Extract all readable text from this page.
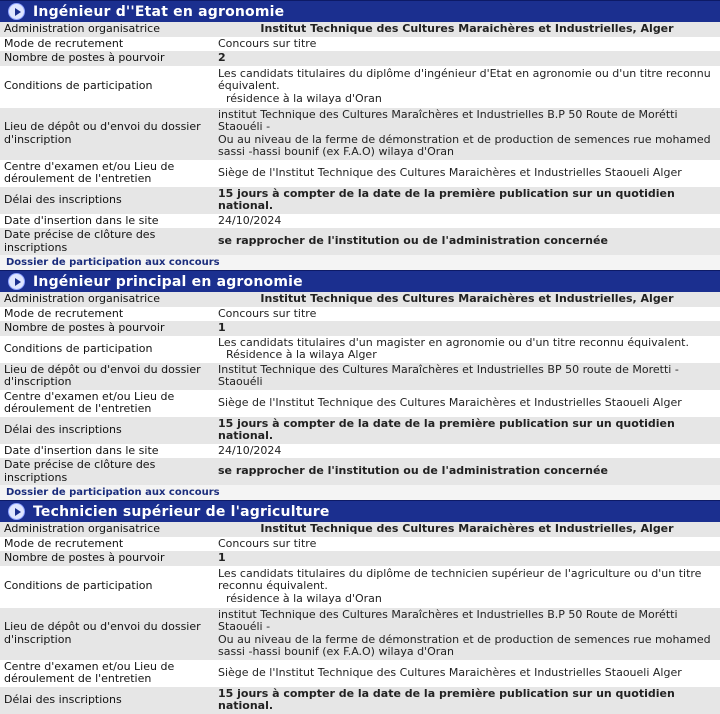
Ingénieur d''Etat en agronomie
Administration organisatrice	Institut Technique des Cultures Maraichères et Industrielles, Alger
Mode de recrutement	Concours sur titre
Nombre de postes à pourvoir	2
Conditions de participation	Les candidats titulaires du diplôme d'ingénieur d'Etat en agronomie ou d'un titre reconnu
équivalent.
résidence à la wilaya d'Oran

Lieu de dépôt ou d'envoi du dossier d'inscription	institut Technique des Cultures Maraîchères et Industrielles B.P 50 Route de Morétti Staouéli -
Ou au niveau de la ferme de démonstration et de production de semences rue mohamed
sassi -hassi bounif (ex F.A.O) wilaya d'Oran

Centre d'examen et/ou Lieu de déroulement de l'entretien	Siège de l'Institut Technique des Cultures Maraichères et Industrielles Staoueli Alger
Délai des inscriptions	15 jours à compter de la date de la première publication sur un quotidien national.
Date d'insertion dans le site	24/10/2024
Date précise de clôture des inscriptions	se rapprocher de l'institution ou de l'administration concernée
Dossier de participation aux concours
Ingénieur principal en agronomie
Administration organisatrice	Institut Technique des Cultures Maraichères et Industrielles, Alger
Mode de recrutement	Concours sur titre
Nombre de postes à pourvoir	1
Conditions de participation	Les candidats titulaires d'un magister en agronomie ou d'un titre reconnu équivalent.
Résidence à la wilaya Alger

Lieu de dépôt ou d'envoi du dossier d'inscription	Institut Technique des Cultures Maraîchères et Industrielles BP 50 route de Moretti - Staouéli
Centre d'examen et/ou Lieu de déroulement de l'entretien	Siège de l'Institut Technique des Cultures Maraichères et Industrielles Staoueli Alger
Délai des inscriptions	15 jours à compter de la date de la première publication sur un quotidien national.
Date d'insertion dans le site	24/10/2024
Date précise de clôture des inscriptions	se rapprocher de l'institution ou de l'administration concernée
Dossier de participation aux concours
Technicien supérieur de l'agriculture
Administration organisatrice	Institut Technique des Cultures Maraichères et Industrielles, Alger
Mode de recrutement	Concours sur titre
Nombre de postes à pourvoir	1
Conditions de participation	Les candidats titulaires du diplôme de technicien supérieur de l'agriculture ou d'un titre
reconnu équivalent.
résidence à la wilaya d'Oran

Lieu de dépôt ou d'envoi du dossier d'inscription	institut Technique des Cultures Maraîchères et Industrielles B.P 50 Route de Morétti Staouéli -
Ou au niveau de la ferme de démonstration et de production de semences rue mohamed
sassi -hassi bounif (ex F.A.O) wilaya d'Oran

Centre d'examen et/ou Lieu de déroulement de l'entretien	Siège de l'Institut Technique des Cultures Maraichères et Industrielles Staoueli Alger
Délai des inscriptions	15 jours à compter de la date de la première publication sur un quotidien national.
